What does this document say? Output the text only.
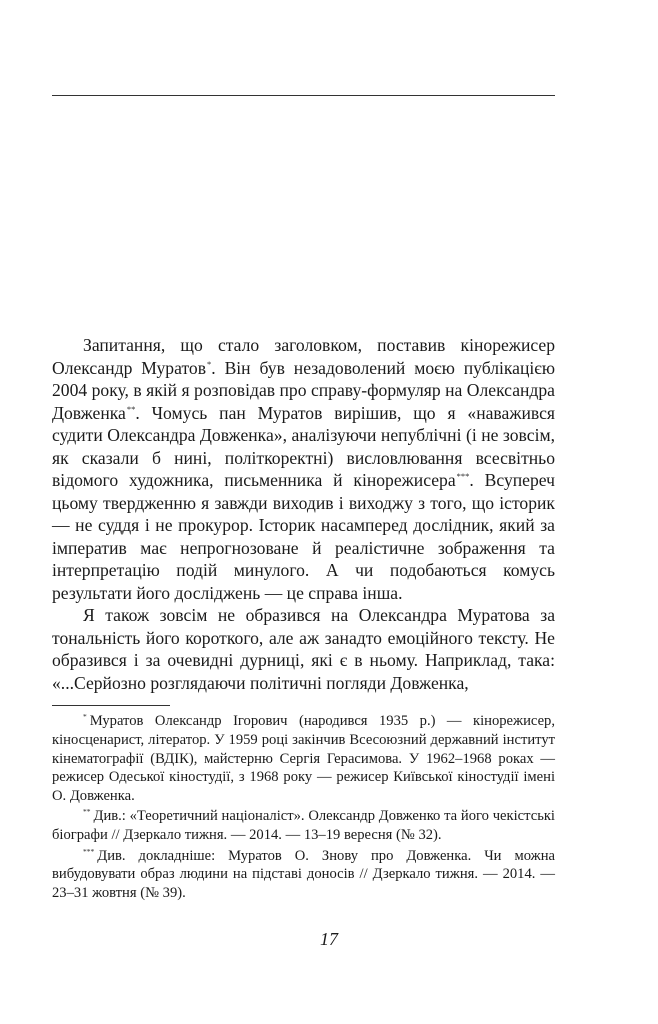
Запитання, що стало заголовком, поставив кінорежисер Олександр Муратов*. Він був незадоволений моєю публікацією 2004 року, в якій я розповідав про справу-формуляр на Олександра Довженка**. Чомусь пан Муратов вирішив, що я «наважився судити Олександра Довженка», аналізуючи непублічні (і не зовсім, як сказали б нині, політкоректні) висловлювання всесвітньо відомого художника, письменника й кінорежисера***. Всупереч цьому твердженню я завжди виходив і виходжу з того, що історик — не суддя і не прокурор. Історик насамперед дослідник, який за імператив має непрогнозоване й реалістичне зображення та інтерпретацію подій минулого. А чи подобаються комусь результати його досліджень — це справа інша.

Я також зовсім не образився на Олександра Муратова за тональність його короткого, але аж занадто емоційного тексту. Не образився і за очевидні дурниці, які є в ньому. Наприклад, така: «...Серйозно розглядаючи політичні погляди Довженка,

* Муратов Олександр Ігорович (народився 1935 р.) — кінорежисер, кіносценарист, літератор. У 1959 році закінчив Всесоюзний державний інститут кінематографії (ВДІК), майстерню Сергія Герасимова. У 1962–1968 роках — режисер Одеської кіностудії, з 1968 року — режисер Київської кіностудії імені О. Довженка.

** Див.: «Теоретичний націоналіст». Олександр Довженко та його чекістські біографи // Дзеркало тижня. — 2014. — 13–19 вересня (№ 32).

*** Див. докладніше: Муратов О. Знову про Довженка. Чи можна вибудовувати образ людини на підставі доносів // Дзеркало тижня. — 2014. — 23–31 жовтня (№ 39).

17
